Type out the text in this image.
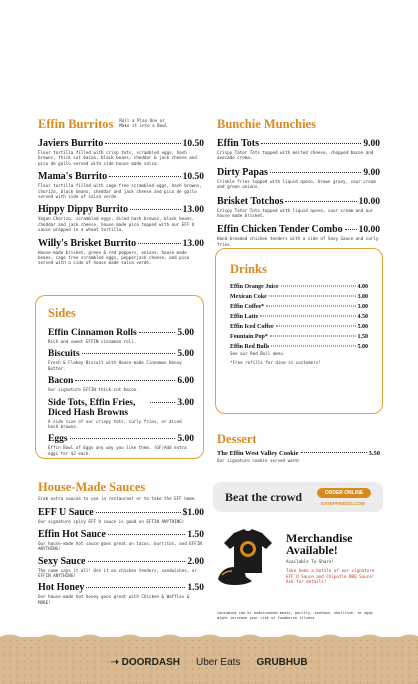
Effin Burritos Roll a Plan One or Make it into a Bowl
Javiers Burrito	10.50
Flour tortilla filled with crisp tots, scrambled eggs, hash browns, thick cut bacon, black beans, cheddar & jack cheese and pico de gallo served with side house made salsa.
Mama's Burrito	10.50
Flour tortilla filled with cage-free scrambled eggs, hash browns, chorizo, black beans, cheddar and jack cheese and pico de gallo served with side of salsa verde.
Hippy Dippy Burrito	13.00
Vegan Chorizo, scrambled eggs, diced hash browns, black beans, cheddar and jack cheese, house made pico topped with our EFF U sauce wrapped in a wheat tortilla.
Willy's Brisket Burrito	13.00
House-made brisket, green & red peppers, onions, house made beans, cage free scrambled eggs, pepperjack cheese, and pico served with a side of house made salsa verde.
Sides
Effin Cinnamon Rolls	5.00
Rich and sweet EFFIN cinnamon roll.
Biscuits	5.00
Fresh & Flakey Biscuit with House-made Cinnamon Honey Butter.
Bacon	6.00
Our signature EFFIN thick-cut bacon.
Side Tots, Effin Fries, Diced Hash Browns
3.00
A side size of our crispy tots, curly fries, or diced hash browns.
Eggs	5.00
Effin Bowl of Eggs any way you like them. (GF)Add extra eggs for $2 each.
House-Made Sauces
Grab extra sauces to use in restaurant or to take the EFF home.
EFF U Sauce	$1.00
Our signature spicy EFF U sauce is good on EFFIN ANYTHING!
Effin Hot Sauce	1.50
Our house-made hot sauce goes great on tacos, burritos, and EFFIN ANYTHING!
Sexy Sauce	2.00
The name says it all! Use it on chicken tenders, sandwiches, or EFFIN ANYTHING!
Hot Honey	1.50
Our house-made hot honey goes great with Chicken & Waffles & MORE!
Bunchie Munchies
Effin Tots	9.00
Crispy Tater Tots topped with melted cheese, chopped bacon and avocado crema.
Dirty Papas	9.00
Crinkle fries topped with liquid queso, brown gravy, sour cream and green onions.
Brisket Totchos	10.00
Crispy Tater Tots topped with liquid queso, sour cream and our house made brisket.
Effin Chicken Tender Combo 10.00
Hand-breaded chicken tenders with a side of Sexy Sauce and curly fries.
Drinks
Effin Orange Juice	4.00
Mexican Coke	3.00
Effin Coffee*	3.00
Effin Latte	4.50
Effin Iced Coffee	5.00
Fountain Pop*	1.50
Effin Red Bulls	5.00
See our Red Bull menu
*Free refills for dine-in customers!
Dessert
The Effin West Valley Cookie	3.50
Our signature cookie served warm!
Beat the crowd	ORDER ONLINE
EATEFFINDOG.COM
Merchandise Available!
Available To-Share!
Take home a bottle of our signature EFF U Sauce and Chipotle BBQ Sauce! Ask for details!
Consuming raw or undercooked meats, poultry, seafood, shellfish, or eggs might increase your risk of foodborne illness
➝ DOORDASH Uber Eats GRUBHUB
